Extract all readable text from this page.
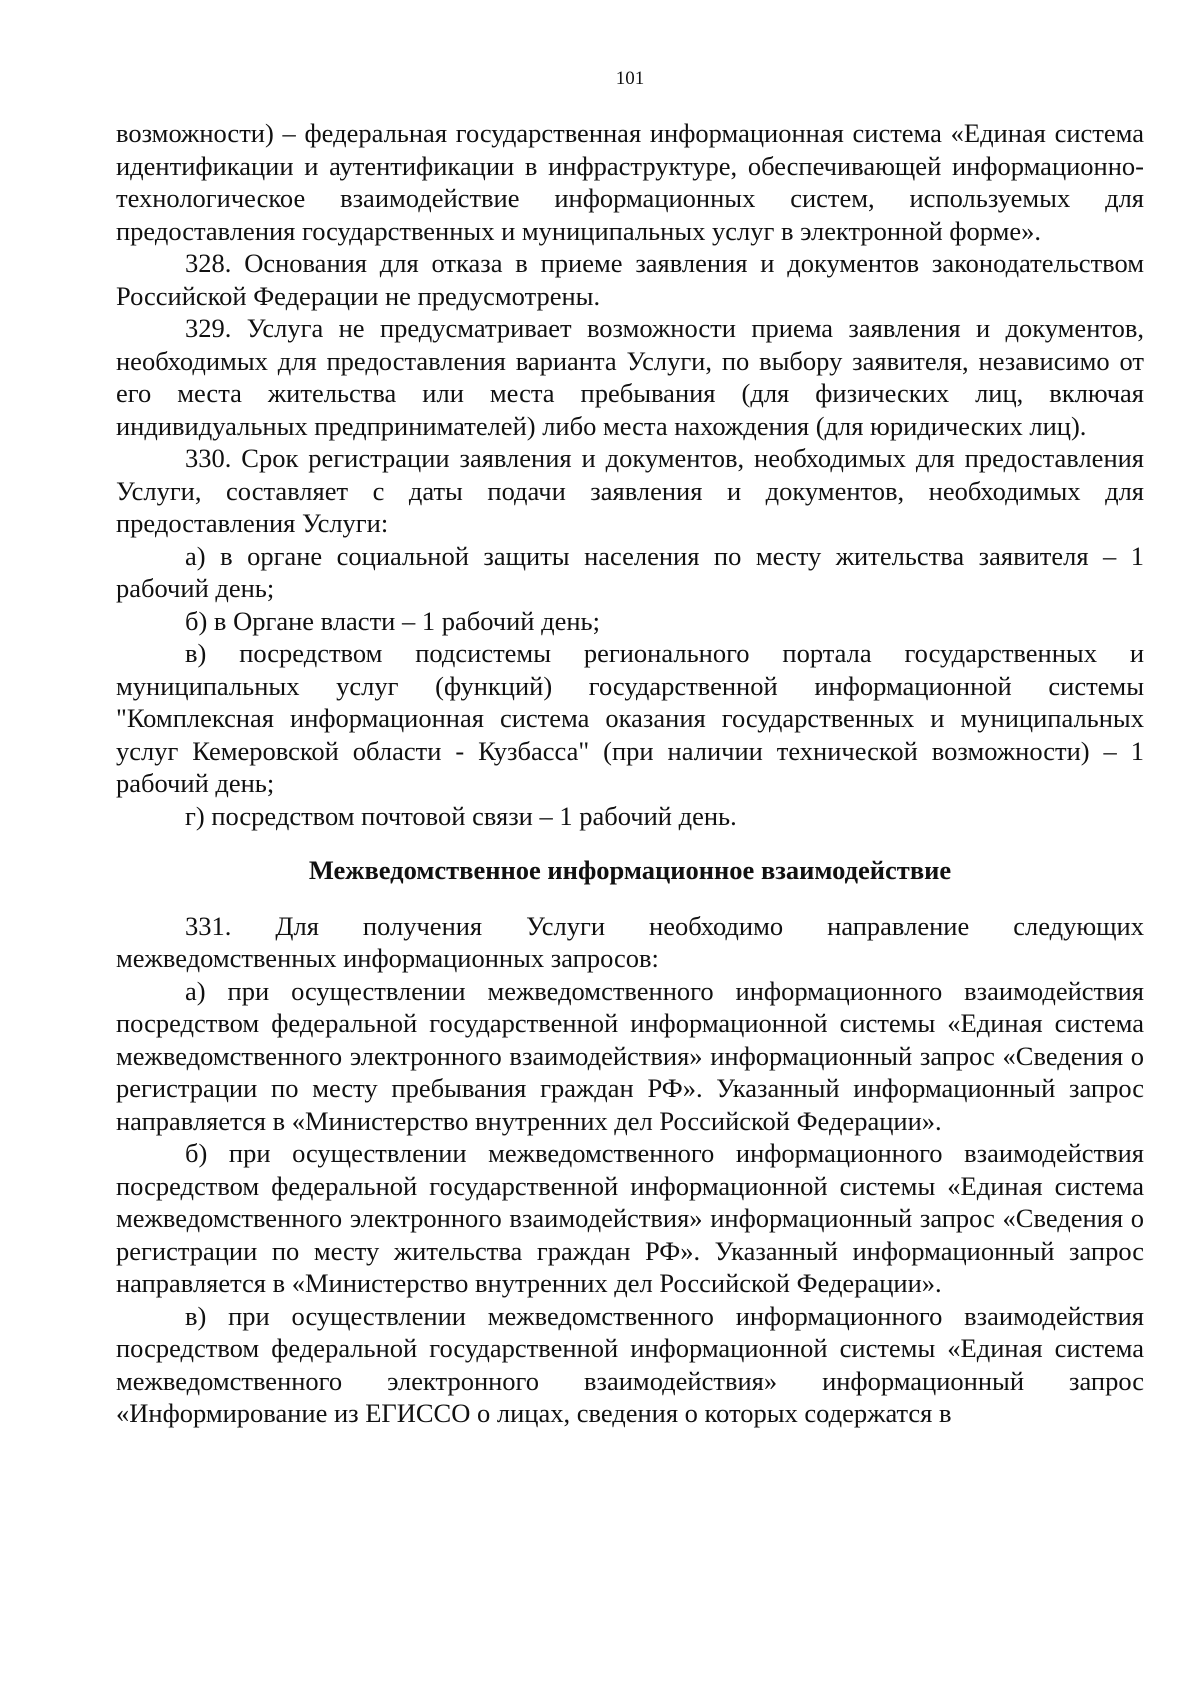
101

возможности) – федеральная государственная информационная система «Единая система идентификации и аутентификации в инфраструктуре, обеспечивающей информационно-технологическое взаимодействие информационных систем, используемых для предоставления государственных и муниципальных услуг в электронной форме».

328. Основания для отказа в приеме заявления и документов законодательством Российской Федерации не предусмотрены.

329. Услуга не предусматривает возможности приема заявления и документов, необходимых для предоставления варианта Услуги, по выбору заявителя, независимо от его места жительства или места пребывания (для физических лиц, включая индивидуальных предпринимателей) либо места нахождения (для юридических лиц).

330. Срок регистрации заявления и документов, необходимых для предоставления Услуги, составляет с даты подачи заявления и документов, необходимых для предоставления Услуги:

а) в органе социальной защиты населения по месту жительства заявителя – 1 рабочий день;

б) в Органе власти – 1 рабочий день;

в) посредством подсистемы регионального портала государственных и муниципальных услуг (функций) государственной информационной системы "Комплексная информационная система оказания государственных и муниципальных услуг Кемеровской области - Кузбасса" (при наличии технической возможности) – 1 рабочий день;

г) посредством почтовой связи – 1 рабочий день.

Межведомственное информационное взаимодействие

331. Для получения Услуги необходимо направление следующих межведомственных информационных запросов:

а) при осуществлении межведомственного информационного взаимодействия посредством федеральной государственной информационной системы «Единая система межведомственного электронного взаимодействия» информационный запрос «Сведения о регистрации по месту пребывания граждан РФ». Указанный информационный запрос направляется в «Министерство внутренних дел Российской Федерации».

б) при осуществлении межведомственного информационного взаимодействия посредством федеральной государственной информационной системы «Единая система межведомственного электронного взаимодействия» информационный запрос «Сведения о регистрации по месту жительства граждан РФ». Указанный информационный запрос направляется в «Министерство внутренних дел Российской Федерации».

в) при осуществлении межведомственного информационного взаимодействия посредством федеральной государственной информационной системы «Единая система межведомственного электронного взаимодействия» информационный запрос «Информирование из ЕГИССО о лицах, сведения о которых содержатся в
